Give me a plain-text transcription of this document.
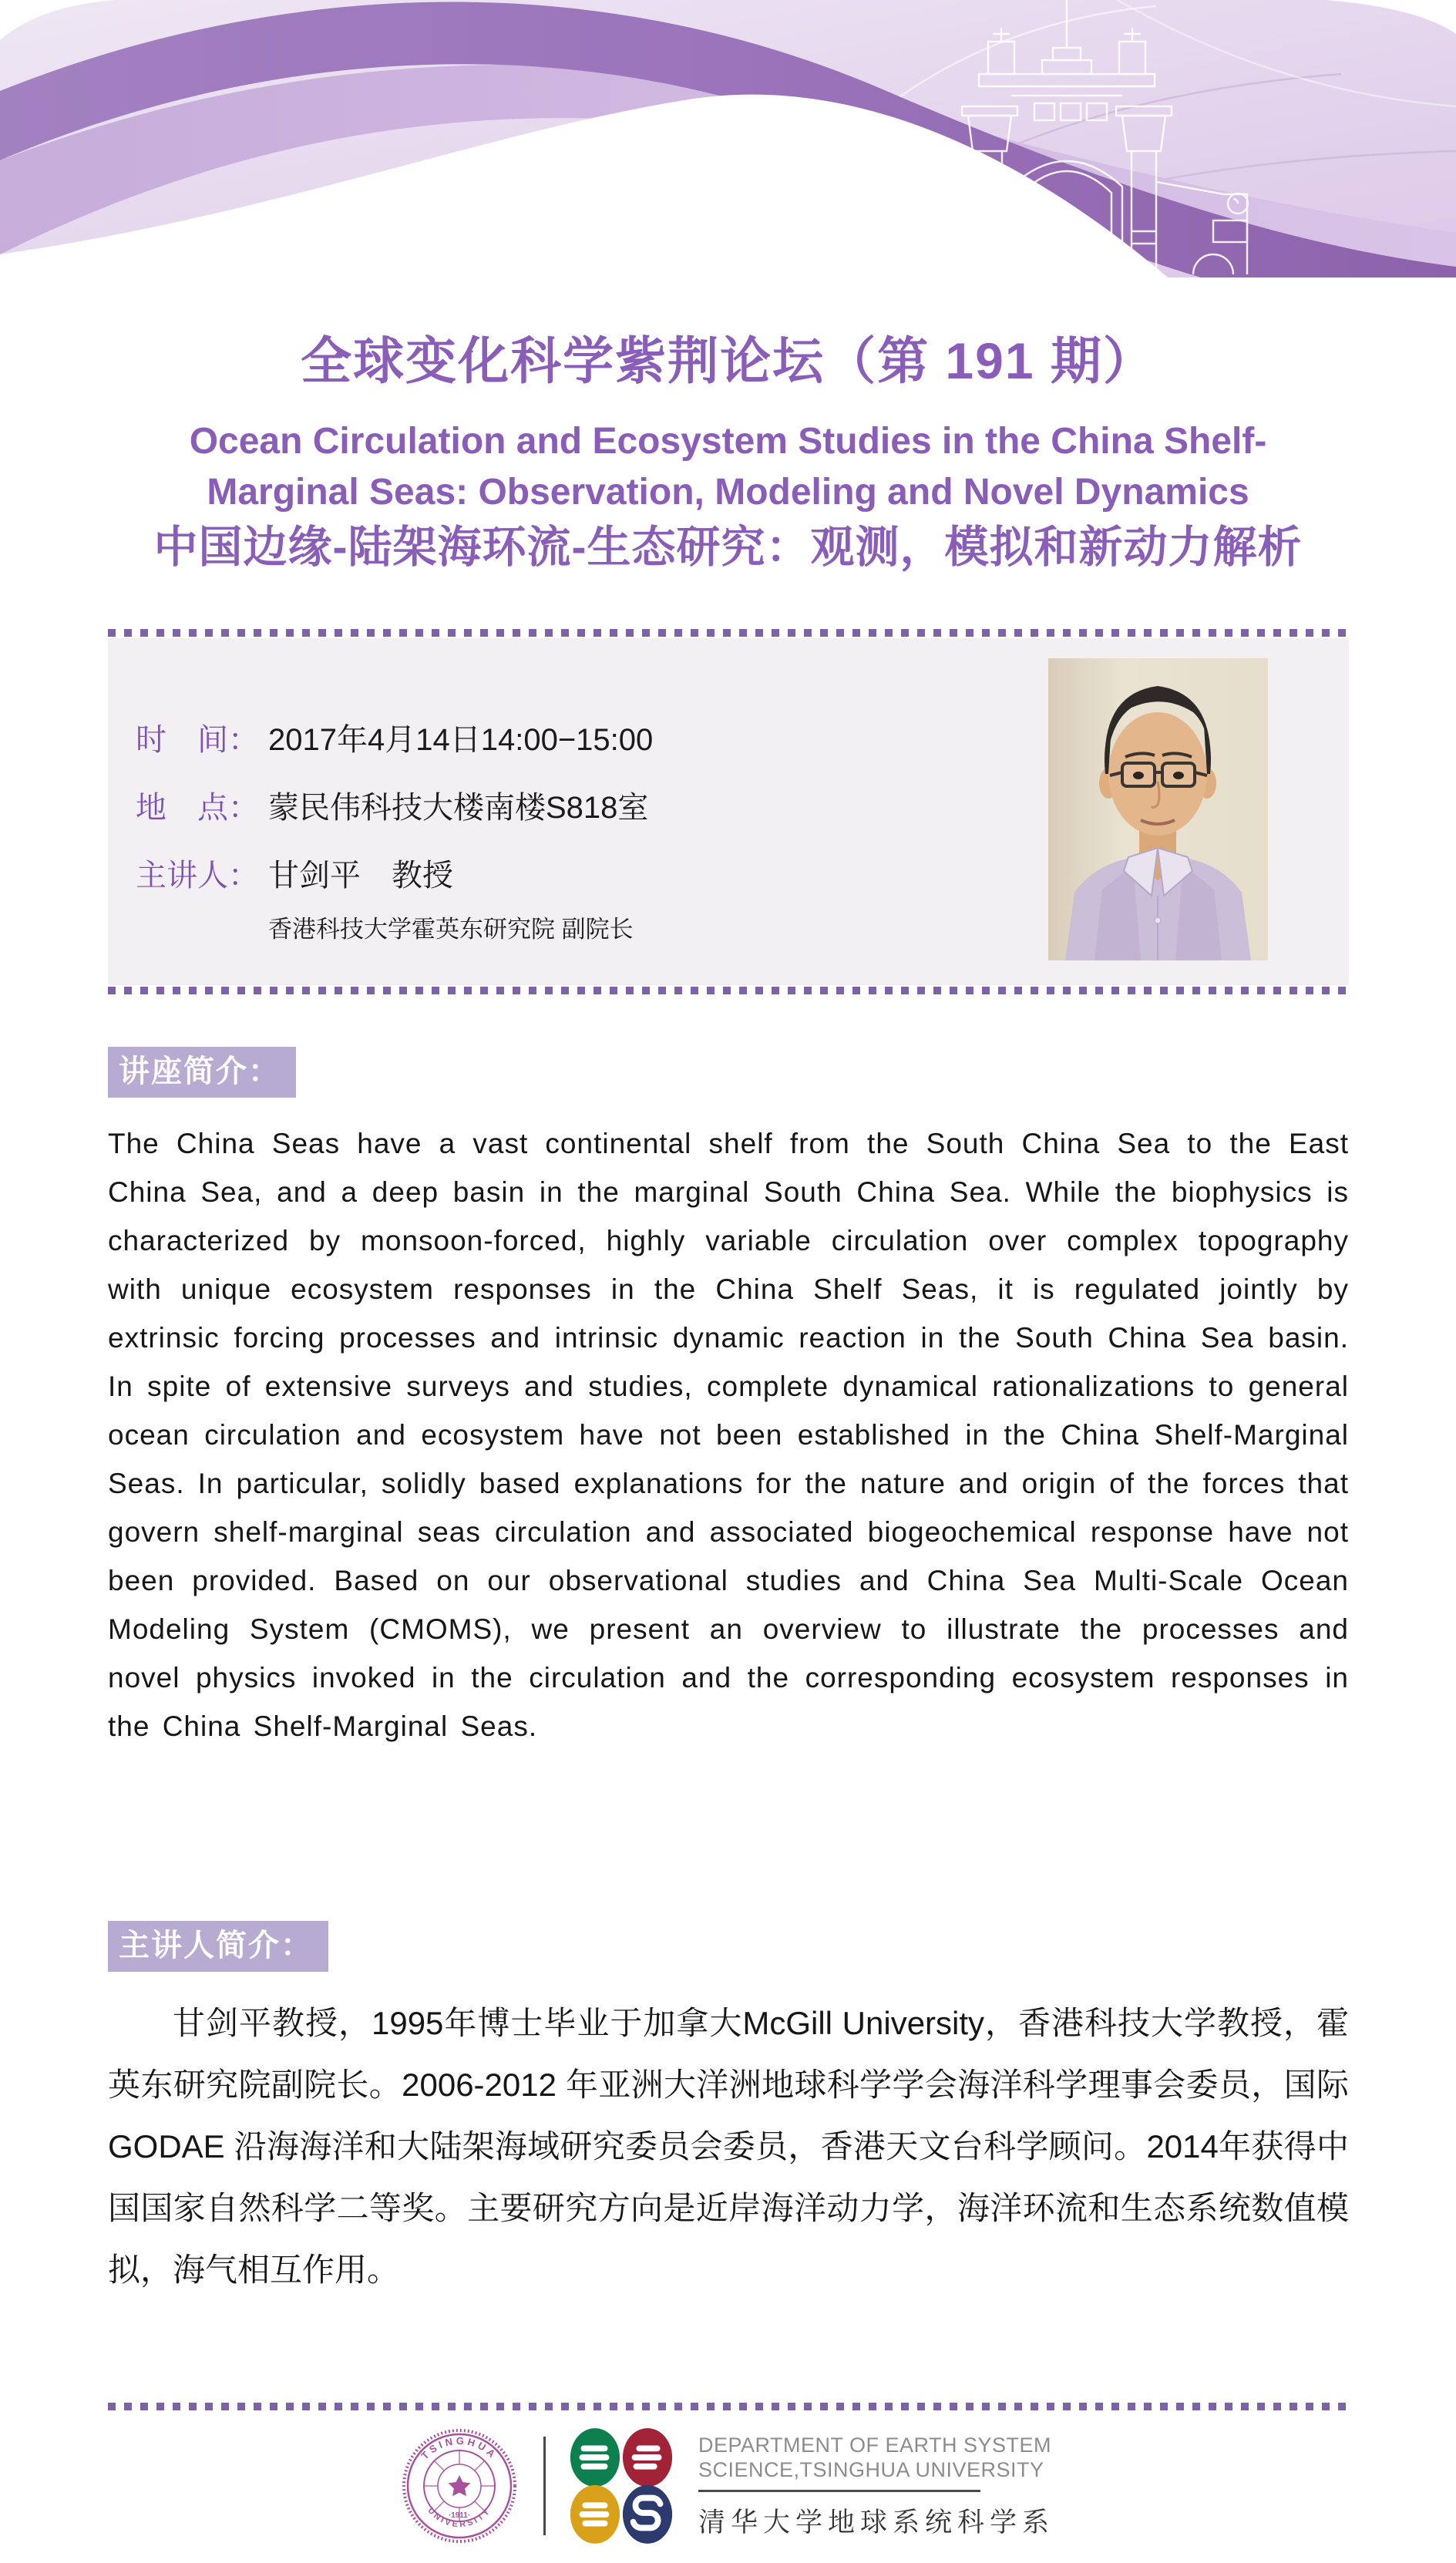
全球变化科学紫荆论坛（第 191 期）
Ocean Circulation and Ecosystem Studies in the China Shelf-
Marginal Seas: Observation, Modeling and Novel Dynamics
中国边缘-陆架海环流-生态研究：观测，模拟和新动力解析
时　间： 2017年4月14日14:00−15:00
地　点： 蒙民伟科技大楼南楼S818室
主讲人： 甘剑平　教授
香港科技大学霍英东研究院 副院长
讲座简介：
The China Seas have a vast continental shelf from the South China Sea to the East China Sea, and a deep basin in the marginal South China Sea. While the biophysics is characterized by monsoon-forced, highly variable circulation over complex topography with unique ecosystem responses in the China Shelf Seas, it is regulated jointly by extrinsic forcing processes and intrinsic dynamic reaction in the South China Sea basin. In spite of extensive surveys and studies, complete dynamical rationalizations to general ocean circulation and ecosystem have not been established in the China Shelf-Marginal Seas. In particular, solidly based explanations for the nature and origin of the forces that govern shelf-marginal seas circulation and associated biogeochemical response have not been provided. Based on our observational studies and China Sea Multi-Scale Ocean Modeling System (CMOMS), we present an overview to illustrate the processes and novel physics invoked in the circulation and the corresponding ecosystem responses in the China Shelf-Marginal Seas.
主讲人简介：
甘剑平教授，1995年博士毕业于加拿大McGill University，香港科技大学教授，霍英东研究院副院长。2006-2012 年亚洲大洋洲地球科学学会海洋科学理事会委员，国际 GODAE 沿海海洋和大陆架海域研究委员会委员，香港天文台科学顾问。2014年获得中国国家自然科学二等奖。主要研究方向是近岸海洋动力学，海洋环流和生态系统数值模拟，海气相互作用。
TSINGHUA
UNIVERSITY
·1911·
DEPARTMENT OF EARTH SYSTEM
SCIENCE,TSINGHUA UNIVERSITY
清华大学地球系统科学系
